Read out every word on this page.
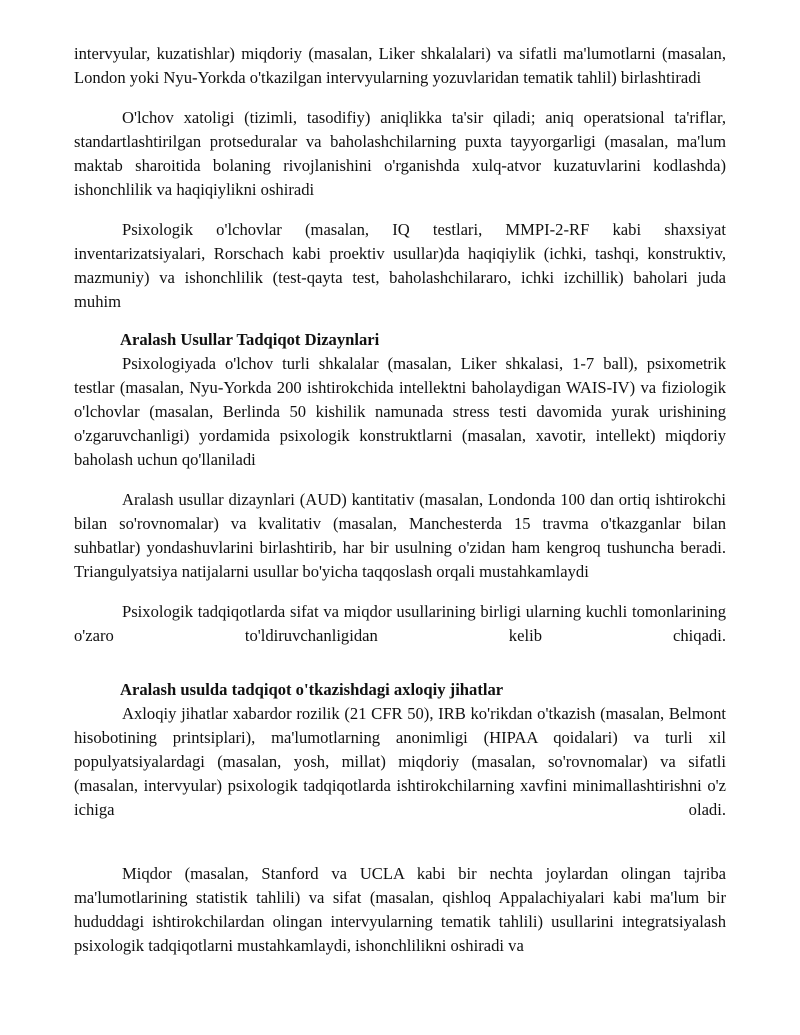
intervyular, kuzatishlar) miqdoriy (masalan, Liker shkalalari) va sifatli ma'lumotlarni (masalan, London yoki Nyu-Yorkda o'tkazilgan intervyularning yozuvlaridan tematik tahlil) birlashtiradi

O'lchov xatoligi (tizimli, tasodifiy) aniqlikka ta'sir qiladi; aniq operatsional ta'riflar, standartlashtirilgan protseduralar va baholashchilarning puxta tayyorgarligi (masalan, ma'lum maktab sharoitida bolaning rivojlanishini o'rganishda xulq-atvor kuzatuvlarini kodlashda) ishonchlilik va haqiqiylikni oshiradi

Psixologik o'lchovlar (masalan, IQ testlari, MMPI-2-RF kabi shaxsiyat inventarizatsiyalari, Rorschach kabi proektiv usullar)da haqiqiylik (ichki, tashqi, konstruktiv, mazmuniy) va ishonchlilik (test-qayta test, baholashchilararo, ichki izchillik) baholari juda muhim

Aralash Usullar Tadqiqot Dizaynlari

Psixologiyada o'lchov turli shkalalar (masalan, Liker shkalasi, 1-7 ball), psixometrik testlar (masalan, Nyu-Yorkda 200 ishtirokchida intellektni baholaydigan WAIS-IV) va fiziologik o'lchovlar (masalan, Berlinda 50 kishilik namunada stress testi davomida yurak urishining o'zgaruvchanligi) yordamida psixologik konstruktlarni (masalan, xavotir, intellekt) miqdoriy baholash uchun qo'llaniladi

Aralash usullar dizaynlari (AUD) kantitativ (masalan, Londonda 100 dan ortiq ishtirokchi bilan so'rovnomalar) va kvalitativ (masalan, Manchesterda 15 travma o'tkazganlar bilan suhbatlar) yondashuvlarini birlashtirib, har bir usulning o'zidan ham kengroq tushuncha beradi. Triangulyatsiya natijalarni usullar bo'yicha taqqoslash orqali mustahkamlaydi

Psixologik tadqiqotlarda sifat va miqdor usullarining birligi ularning kuchli tomonlarining o'zaro to'ldiruvchanligidan kelib chiqadi.

Aralash usulda tadqiqot o'tkazishdagi axloqiy jihatlar

Axloqiy jihatlar xabardor rozilik (21 CFR 50), IRB ko'rikdan o'tkazish (masalan, Belmont hisobotining printsiplari), ma'lumotlarning anonimligi (HIPAA qoidalari) va turli xil populyatsiyalardagi (masalan, yosh, millat) miqdoriy (masalan, so'rovnomalar) va sifatli (masalan, intervyular) psixologik tadqiqotlarda ishtirokchilarning xavfini minimallashtirishni o'z ichiga oladi.

Miqdor (masalan, Stanford va UCLA kabi bir nechta joylardan olingan tajriba ma'lumotlarining statistik tahlili) va sifat (masalan, qishloq Appalachiyalari kabi ma'lum bir hududdagi ishtirokchilardan olingan intervyularning tematik tahlili) usullarini integratsiyalash psixologik tadqiqotlarni mustahkamlaydi, ishonchlilikni oshiradi va
